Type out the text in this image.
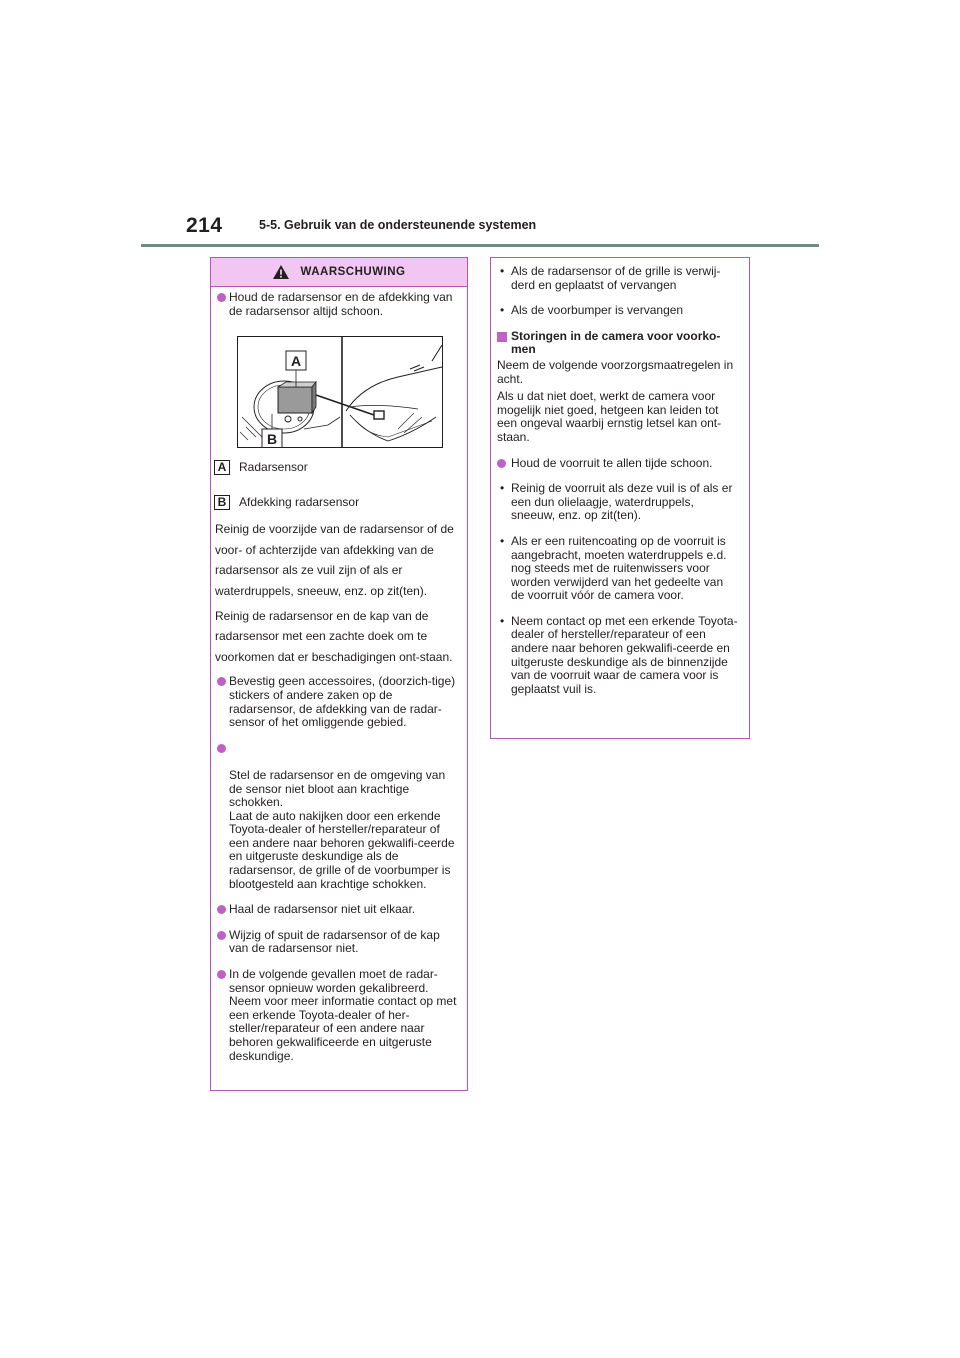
214	5-5. Gebruik van de ondersteunende systemen
WAARSCHUWING
Houd de radarsensor en de afdekking van de radarsensor altijd schoon.
A
B
A	Radarsensor
B	Afdekking radarsensor

Reinig de voorzijde van de radarsensor of de voor- of achterzijde van afdekking van de radarsensor als ze vuil zijn of als er waterdruppels, sneeuw, enz. op zit(ten).

Reinig de radarsensor en de kap van de radarsensor met een zachte doek om te voorkomen dat er beschadigingen ont-staan.

Bevestig geen accessoires, (doorzich-tige) stickers of andere zaken op de radarsensor, de afdekking van de radar-sensor of het omliggende gebied.

Stel de radarsensor en de omgeving van de sensor niet bloot aan krachtige schokken.
Laat de auto nakijken door een erkende Toyota-dealer of hersteller/reparateur of een andere naar behoren gekwalifi-ceerde en uitgeruste deskundige als de radarsensor, de grille of de voorbumper is blootgesteld aan krachtige schokken.

Haal de radarsensor niet uit elkaar.
Wijzig of spuit de radarsensor of de kap van de radarsensor niet.
In de volgende gevallen moet de radar-sensor opnieuw worden gekalibreerd. Neem voor meer informatie contact op met een erkende Toyota-dealer of her-steller/reparateur of een andere naar behoren gekwalificeerde en uitgeruste deskundige.
• Als de radarsensor of de grille is verwij-derd en geplaatst of vervangen
• Als de voorbumper is vervangen
Storingen in de camera voor voorko-men

Neem de volgende voorzorgsmaatregelen in acht.

Als u dat niet doet, werkt de camera voor mogelijk niet goed, hetgeen kan leiden tot een ongeval waarbij ernstig letsel kan ont-staan.

Houd de voorruit te allen tijde schoon.
• Reinig de voorruit als deze vuil is of als er een dun olielaagje, waterdruppels, sneeuw, enz. op zit(ten).
• Als er een ruitencoating op de voorruit is aangebracht, moeten waterdruppels e.d. nog steeds met de ruitenwissers voor worden verwijderd van het gedeelte van de voorruit vóór de camera voor.
• Neem contact op met een erkende Toyota-dealer of hersteller/reparateur of een andere naar behoren gekwalifi-ceerde en uitgeruste deskundige als de binnenzijde van de voorruit waar de camera voor is geplaatst vuil is.
